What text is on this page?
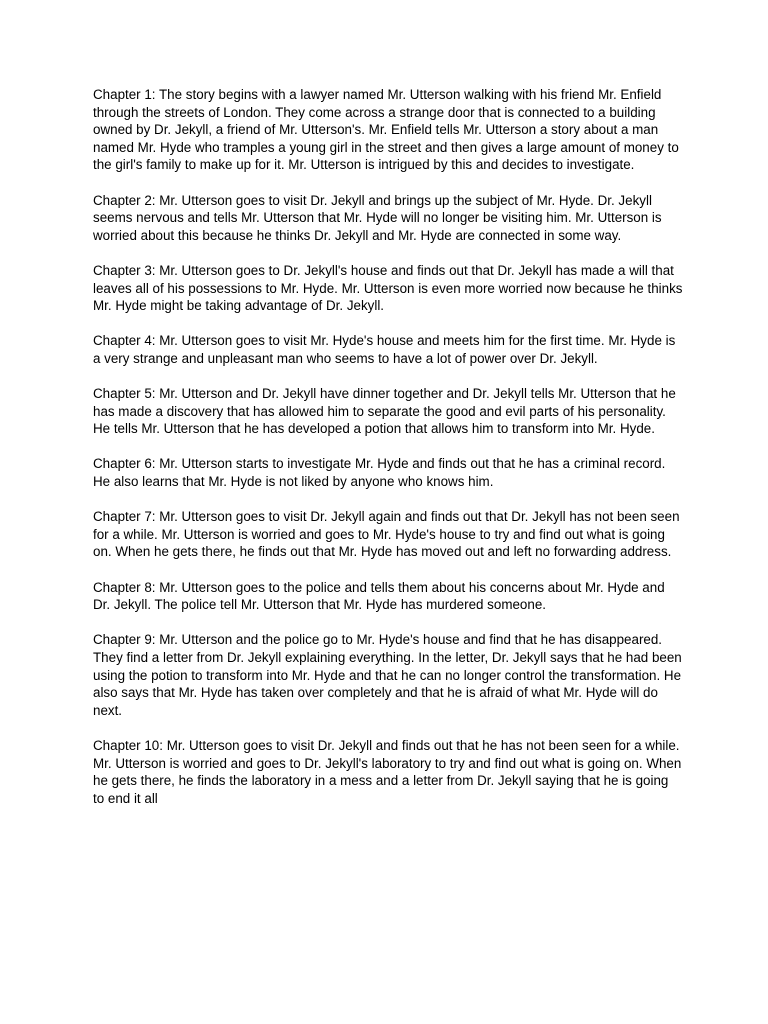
Chapter 1: The story begins with a lawyer named Mr. Utterson walking with his friend Mr. Enfield through the streets of London. They come across a strange door that is connected to a building owned by Dr. Jekyll, a friend of Mr. Utterson's. Mr. Enfield tells Mr. Utterson a story about a man named Mr. Hyde who tramples a young girl in the street and then gives a large amount of money to the girl's family to make up for it. Mr. Utterson is intrigued by this and decides to investigate.

Chapter 2: Mr. Utterson goes to visit Dr. Jekyll and brings up the subject of Mr. Hyde. Dr. Jekyll seems nervous and tells Mr. Utterson that Mr. Hyde will no longer be visiting him. Mr. Utterson is worried about this because he thinks Dr. Jekyll and Mr. Hyde are connected in some way.

Chapter 3: Mr. Utterson goes to Dr. Jekyll's house and finds out that Dr. Jekyll has made a will that leaves all of his possessions to Mr. Hyde. Mr. Utterson is even more worried now because he thinks Mr. Hyde might be taking advantage of Dr. Jekyll.

Chapter 4: Mr. Utterson goes to visit Mr. Hyde's house and meets him for the first time. Mr. Hyde is a very strange and unpleasant man who seems to have a lot of power over Dr. Jekyll.

Chapter 5: Mr. Utterson and Dr. Jekyll have dinner together and Dr. Jekyll tells Mr. Utterson that he has made a discovery that has allowed him to separate the good and evil parts of his personality. He tells Mr. Utterson that he has developed a potion that allows him to transform into Mr. Hyde.

Chapter 6: Mr. Utterson starts to investigate Mr. Hyde and finds out that he has a criminal record. He also learns that Mr. Hyde is not liked by anyone who knows him.

Chapter 7: Mr. Utterson goes to visit Dr. Jekyll again and finds out that Dr. Jekyll has not been seen for a while. Mr. Utterson is worried and goes to Mr. Hyde's house to try and find out what is going on. When he gets there, he finds out that Mr. Hyde has moved out and left no forwarding address.

Chapter 8: Mr. Utterson goes to the police and tells them about his concerns about Mr. Hyde and Dr. Jekyll. The police tell Mr. Utterson that Mr. Hyde has murdered someone.

Chapter 9: Mr. Utterson and the police go to Mr. Hyde's house and find that he has disappeared. They find a letter from Dr. Jekyll explaining everything. In the letter, Dr. Jekyll says that he had been using the potion to transform into Mr. Hyde and that he can no longer control the transformation. He also says that Mr. Hyde has taken over completely and that he is afraid of what Mr. Hyde will do next.

Chapter 10: Mr. Utterson goes to visit Dr. Jekyll and finds out that he has not been seen for a while. Mr. Utterson is worried and goes to Dr. Jekyll's laboratory to try and find out what is going on. When he gets there, he finds the laboratory in a mess and a letter from Dr. Jekyll saying that he is going to end it all
